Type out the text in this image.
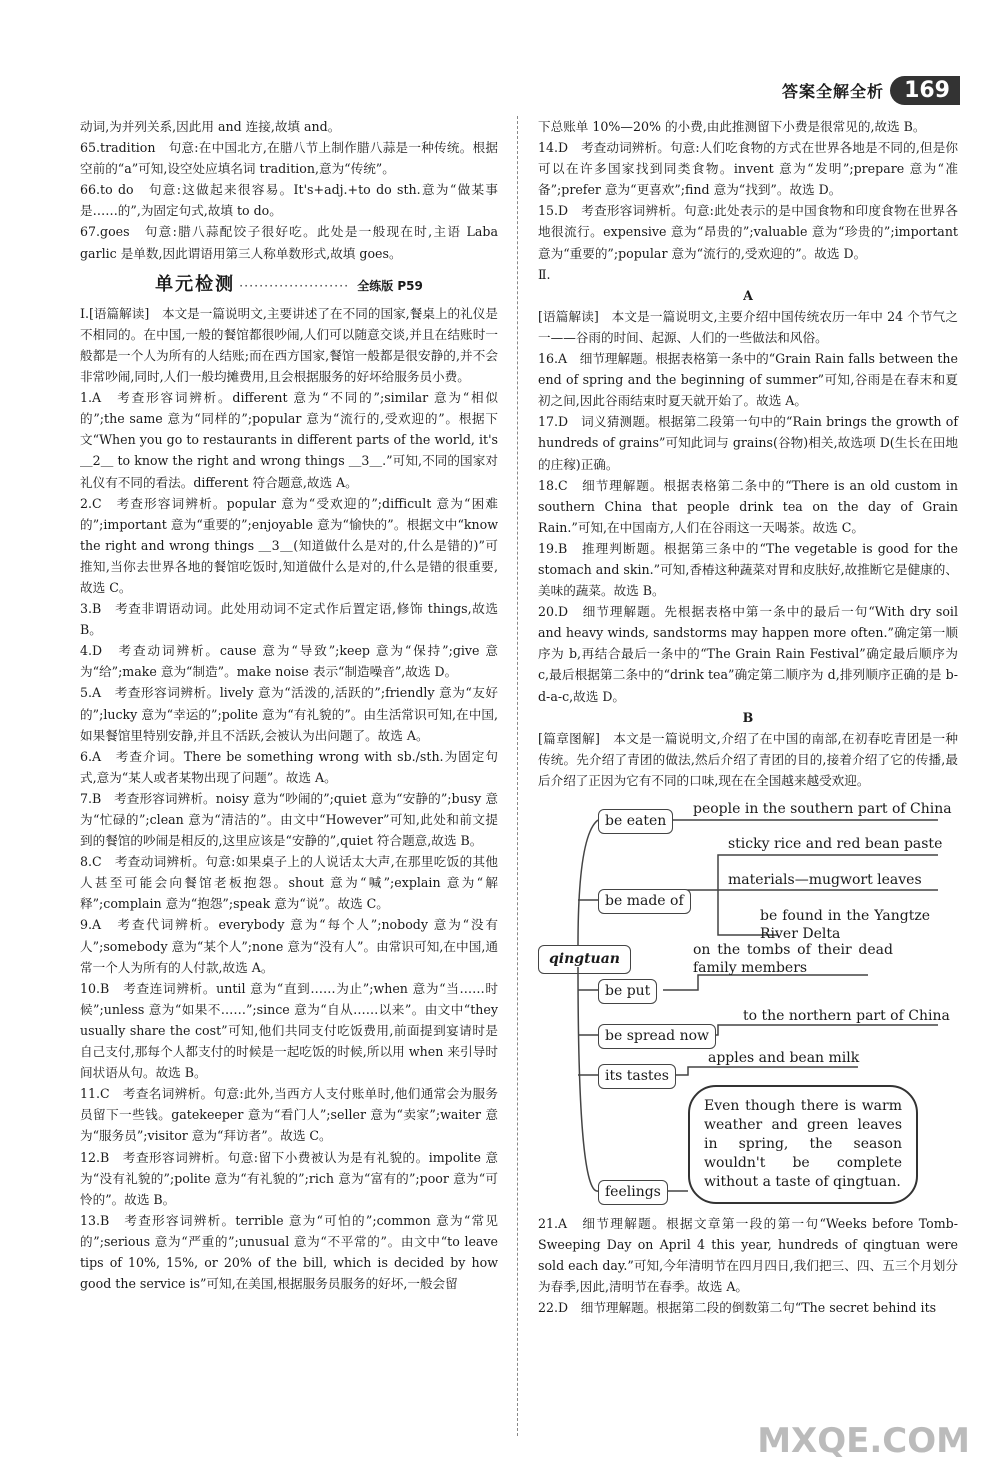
答案全解全析 169

动词,为并列关系,因此用 and 连接,故填 and。

65.tradition　句意:在中国北方,在腊八节上制作腊八蒜是一种传统。根据空前的“a”可知,设空处应填名词 tradition,意为“传统”。

66.to do　句意:这做起来很容易。It's+adj.+to do sth.意为“做某事是……的”,为固定句式,故填 to do。

67.goes　句意:腊八蒜配饺子很好吃。此处是一般现在时,主语 Laba garlic 是单数,因此谓语用第三人称单数形式,故填 goes。

单元检测 ······················ 全练版 P59

Ⅰ.[语篇解读]　本文是一篇说明文,主要讲述了在不同的国家,餐桌上的礼仪是不相同的。在中国,一般的餐馆都很吵闹,人们可以随意交谈,并且在结账时一般都是一个人为所有的人结账;而在西方国家,餐馆一般都是很安静的,并不会非常吵闹,同时,人们一般均摊费用,且会根据服务的好坏给服务员小费。

1.A　考查形容词辨析。different 意为“不同的”;similar 意为“相似的”;the same 意为“同样的”;popular 意为“流行的,受欢迎的”。根据下文“When you go to restaurants in different parts of the world, it's ＿2＿ to know the right and wrong things ＿3＿.”可知,不同的国家对礼仪有不同的看法。different 符合题意,故选 A。

2.C　考查形容词辨析。popular 意为“受欢迎的”;difficult 意为“困难的”;important 意为“重要的”;enjoyable 意为“愉快的”。根据文中“know the right and wrong things ＿3＿(知道做什么是对的,什么是错的)”可推知,当你去世界各地的餐馆吃饭时,知道做什么是对的,什么是错的很重要,故选 C。

3.B　考查非谓语动词。此处用动词不定式作后置定语,修饰 things,故选 B。

4.D　考查动词辨析。cause 意为“导致”;keep 意为“保持”;give 意为“给”;make 意为“制造”。make noise 表示“制造噪音”,故选 D。

5.A　考查形容词辨析。lively 意为“活泼的,活跃的”;friendly 意为“友好的”;lucky 意为“幸运的”;polite 意为“有礼貌的”。由生活常识可知,在中国,如果餐馆里特别安静,并且不活跃,会被认为出问题了。故选 A。

6.A　考查介词。There be something wrong with sb./sth.为固定句式,意为“某人或者某物出现了问题”。故选 A。

7.B　考查形容词辨析。noisy 意为“吵闹的”;quiet 意为“安静的”;busy 意为“忙碌的”;clean 意为“清洁的”。由文中“However”可知,此处和前文提到的餐馆的吵闹是相反的,这里应该是“安静的”,quiet 符合题意,故选 B。

8.C　考查动词辨析。句意:如果桌子上的人说话太大声,在那里吃饭的其他人甚至可能会向餐馆老板抱怨。shout 意为“喊”;explain 意为“解释”;complain 意为“抱怨”;speak 意为“说”。故选 C。

9.A　考查代词辨析。everybody 意为“每个人”;nobody 意为“没有人”;somebody 意为“某个人”;none 意为“没有人”。由常识可知,在中国,通常一个人为所有的人付款,故选 A。

10.B　考查连词辨析。until 意为“直到……为止”;when 意为“当……时候”;unless 意为“如果不……”;since 意为“自从……以来”。由文中“they usually share the cost”可知,他们共同支付吃饭费用,前面提到宴请时是自己支付,那每个人都支付的时候是一起吃饭的时候,所以用 when 来引导时间状语从句。故选 B。

11.C　考查名词辨析。句意:此外,当西方人支付账单时,他们通常会为服务员留下一些钱。gatekeeper 意为“看门人”;seller 意为“卖家”;waiter 意为“服务员”;visitor 意为“拜访者”。故选 C。

12.B　考查形容词辨析。句意:留下小费被认为是有礼貌的。impolite 意为“没有礼貌的”;polite 意为“有礼貌的”;rich 意为“富有的”;poor 意为“可怜的”。故选 B。

13.B　考查形容词辨析。terrible 意为“可怕的”;common 意为“常见的”;serious 意为“严重的”;unusual 意为“不平常的”。由文中“to leave tips of 10%, 15%, or 20% of the bill, which is decided by how good the service is”可知,在美国,根据服务员服务的好坏,一般会留

下总账单 10%—20% 的小费,由此推测留下小费是很常见的,故选 B。

14.D　考查动词辨析。句意:人们吃食物的方式在世界各地是不同的,但是你可以在许多国家找到同类食物。invent 意为“发明”;prepare 意为“准备”;prefer 意为“更喜欢”;find 意为“找到”。故选 D。

15.D　考查形容词辨析。句意:此处表示的是中国食物和印度食物在世界各地很流行。expensive 意为“昂贵的”;valuable 意为“珍贵的”;important 意为“重要的”;popular 意为“流行的,受欢迎的”。故选 D。

Ⅱ.

A

[语篇解读]　本文是一篇说明文,主要介绍中国传统农历一年中 24 个节气之一——谷雨的时间、起源、人们的一些做法和风俗。

16.A　细节理解题。根据表格第一条中的“Grain Rain falls between the end of spring and the beginning of summer”可知,谷雨是在春末和夏初之间,因此谷雨结束时夏天就开始了。故选 A。

17.D　词义猜测题。根据第二段第一句中的“Rain brings the growth of hundreds of grains”可知此词与 grains(谷物)相关,故选项 D(生长在田地的庄稼)正确。

18.C　细节理解题。根据表格第二条中的“There is an old custom in southern China that people drink tea on the day of Grain Rain.”可知,在中国南方,人们在谷雨这一天喝茶。故选 C。

19.B　推理判断题。根据第三条中的“The vegetable is good for the stomach and skin.”可知,香椿这种蔬菜对胃和皮肤好,故推断它是健康的、美味的蔬菜。故选 B。

20.D　细节理解题。先根据表格中第一条中的最后一句“With dry soil and heavy winds, sandstorms may happen more often.”确定第一顺序为 b,再结合最后一条中的“The Grain Rain Festival”确定最后顺序为 c,最后根据第二条中的“drink tea”确定第二顺序为 d,排列顺序正确的是 b-d-a-c,故选 D。

B

[篇章图解]　本文是一篇说明文,介绍了在中国的南部,在初春吃青团是一种传统。先介绍了青团的做法,然后介绍了青团的目的,接着介绍了它的传播,最后介绍了正因为它有不同的口味,现在在全国越来越受欢迎。

qingtuan
be eaten
people in the southern part of China
be made of
sticky rice and red bean paste
materials—mugwort leaves
be found in the Yangtze River Delta
be put
on the tombs of their dead family members
be spread now
to the northern part of China
its tastes
apples and bean milk
feelings
Even though there is warm weather and green leaves in spring, the season wouldn't be complete without a taste of qingtuan.

21.A　细节理解题。根据文章第一段的第一句“Weeks before Tomb-Sweeping Day on April 4 this year, hundreds of qingtuan were sold each day.”可知,今年清明节在四月四日,我们把三、四、五三个月划分为春季,因此,清明节在春季。故选 A。

22.D　细节理解题。根据第二段的倒数第二句“The secret behind its

MXQE.COM
